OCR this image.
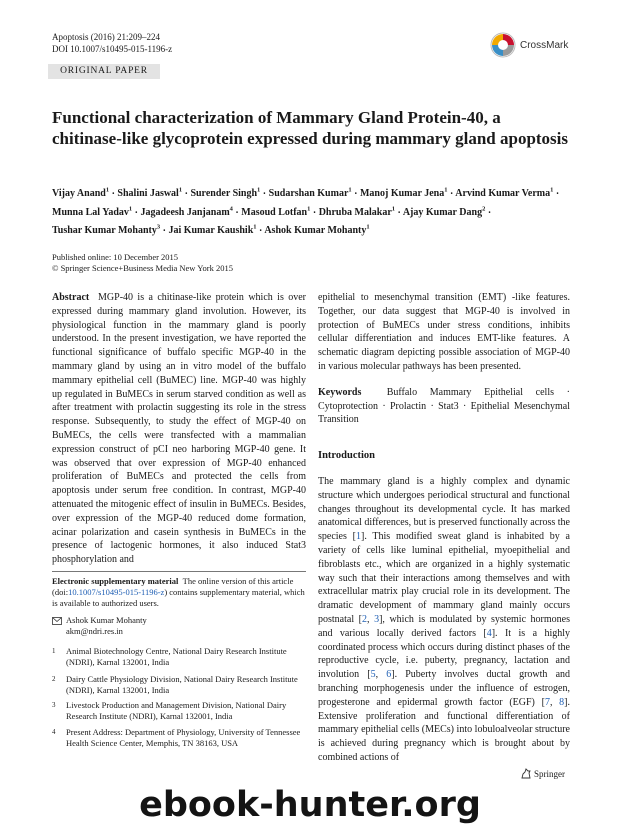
Apoptosis (2016) 21:209–224
DOI 10.1007/s10495-015-1196-z	CrossMark
ORIGINAL PAPER
Functional characterization of Mammary Gland Protein-40, a chitinase-like glycoprotein expressed during mammary gland apoptosis
Vijay Anand$^1$ · Shalini Jaswal$^1$ · Surender Singh$^1$ · Sudarshan Kumar$^1$ · Manoj Kumar Jena$^1$ · Arvind Kumar Verma$^1$ · Munna Lal Yadav$^1$ · Jagadeesh Janjanam$^4$ · Masoud Lotfan$^1$ · Dhruba Malakar$^1$ · Ajay Kumar Dang$^2$ · Tushar Kumar Mohanty$^3$ · Jai Kumar Kaushik$^1$ · Ashok Kumar Mohanty$^1$
Published online: 10 December 2015
© Springer Science+Business Media New York 2015
Abstract MGP-40 is a chitinase-like protein which is over expressed during mammary gland involution. However, its physiological function in the mammary gland is poorly understood. In the present investigation, we have reported the functional significance of buffalo specific MGP-40 in the mammary gland by using an in vitro model of the buffalo mammary epithelial cell (BuMEC) line. MGP-40 was highly up regulated in BuMECs in serum starved condition as well as after treatment with prolactin suggesting its role in the stress response. Subsequently, to study the effect of MGP-40 on BuMECs, the cells were transfected with a mammalian expression construct of pCI neo harboring MGP-40 gene. It was observed that over expression of MGP-40 enhanced proliferation of BuMECs and protected the cells from apoptosis under serum free condition. In contrast, MGP-40 attenuated the mitogenic effect of insulin in BuMECs. Besides, over expression of the MGP-40 reduced dome formation, acinar polarization and casein synthesis in BuMECs in the presence of lactogenic hormones, it also induced Stat3 phosphorylation and
epithelial to mesenchymal transition (EMT) -like features. Together, our data suggest that MGP-40 is involved in protection of BuMECs under stress conditions, inhibits cellular differentiation and induces EMT-like features. A schematic diagram depicting possible association of MGP-40 in various molecular pathways has been presented.
Keywords	Buffalo Mammary Epithelial cells · Cytoprotection · Prolactin · Stat3 · Epithelial Mesenchymal Transition
Introduction
The mammary gland is a highly complex and dynamic structure which undergoes periodical structural and functional changes throughout its developmental cycle. It has marked anatomical differences, but is preserved functionally across the species [1]. This modified sweat gland is inhabited by a variety of cells like luminal epithelial, myoepithelial and fibroblasts etc., which are organized in a highly systematic way such that their interactions among themselves and with extracellular matrix play crucial role in its development. The dramatic development of mammary gland mainly occurs postnatal [2, 3], which is modulated by systemic hormones and various locally derived factors [4]. It is a highly coordinated process which occurs during distinct phases of the reproductive cycle, i.e. puberty, pregnancy, lactation and involution [5, 6]. Puberty involves ductal growth and branching morphogenesis under the influence of estrogen, progesterone and epidermal growth factor (EGF) [7, 8]. Extensive proliferation and functional differentiation of mammary epithelial cells (MECs) into lobuloalveolar structure is achieved during pregnancy which is brought about by combined actions of
Electronic supplementary material The online version of this article (doi:10.1007/s10495-015-1196-z) contains supplementary material, which is available to authorized users.
Ashok Kumar Mohanty
akm@ndri.res.in
1 Animal Biotechnology Centre, National Dairy Research Institute (NDRI), Karnal 132001, India
2 Dairy Cattle Physiology Division, National Dairy Research Institute (NDRI), Karnal 132001, India
3 Livestock Production and Management Division, National Dairy Research Institute (NDRI), Karnal 132001, India
4 Present Address: Department of Physiology, University of Tennessee Health Science Center, Memphis, TN 38163, USA
Springer
ebook-hunter.org
